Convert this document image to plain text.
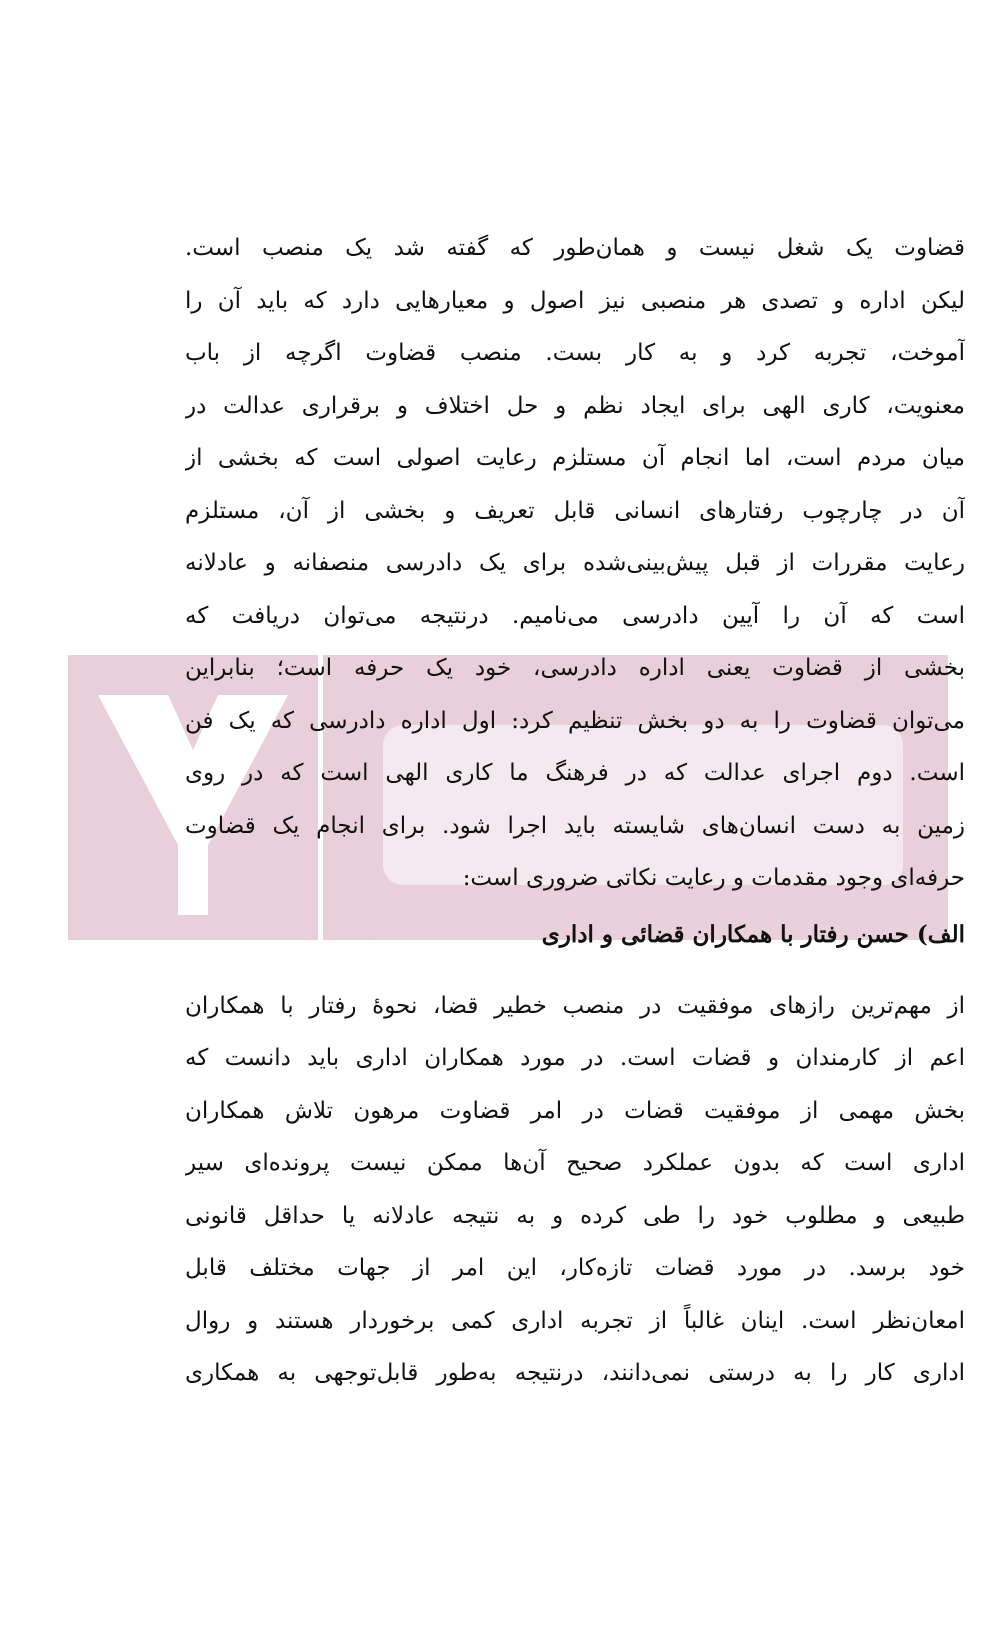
قضاوت یک شغل نیست و همان‌طور که گفته شد یک منصب است.
لیکن اداره و تصدی هر منصبی نیز اصول و معیارهایی دارد که باید آن را
آموخت، تجربه کرد و به کار بست. منصب قضاوت اگرچه از باب
معنویت، کاری الهی برای ایجاد نظم و حل اختلاف و برقراری عدالت در
میان مردم است، اما انجام آن مستلزم رعایت اصولی است که بخشی از
آن در چارچوب رفتارهای انسانی قابل تعریف و بخشی از آن، مستلزم
رعایت مقررات از قبل پیش‌بینی‌شده برای یک دادرسی منصفانه و عادلانه
است که آن را آیین دادرسی می‌نامیم. درنتیجه می‌توان دریافت که
بخشی از قضاوت یعنی اداره دادرسی، خود یک حرفه است؛ بنابراین
می‌توان قضاوت را به دو بخش تنظیم کرد: اول اداره دادرسی که یک فن
است. دوم اجرای عدالت که در فرهنگ ما کاری الهی است که در روی
زمین به دست انسان‌های شایسته باید اجرا شود. برای انجام یک قضاوت
حرفه‌ای وجود مقدمات و رعایت نکاتی ضروری است:
الف) حسن رفتار با همکاران قضائی و اداری
از مهم‌ترین رازهای موفقیت در منصب خطیر قضا، نحوهٔ رفتار با همکاران
اعم از کارمندان و قضات است. در مورد همکاران اداری باید دانست که
بخش مهمی از موفقیت قضات در امر قضاوت مرهون تلاش همکاران
اداری است که بدون عملکرد صحیح آن‌ها ممکن نیست پرونده‌ای سیر
طبیعی و مطلوب خود را طی کرده و به نتیجه عادلانه یا حداقل قانونی
خود برسد. در مورد قضات تازه‌کار، این امر از جهات مختلف قابل
امعان‌نظر است. اینان غالباً از تجربه اداری کمی برخوردار هستند و روال
اداری کار را به درستی نمی‌دانند، درنتیجه به‌طور قابل‌توجهی به همکاری
